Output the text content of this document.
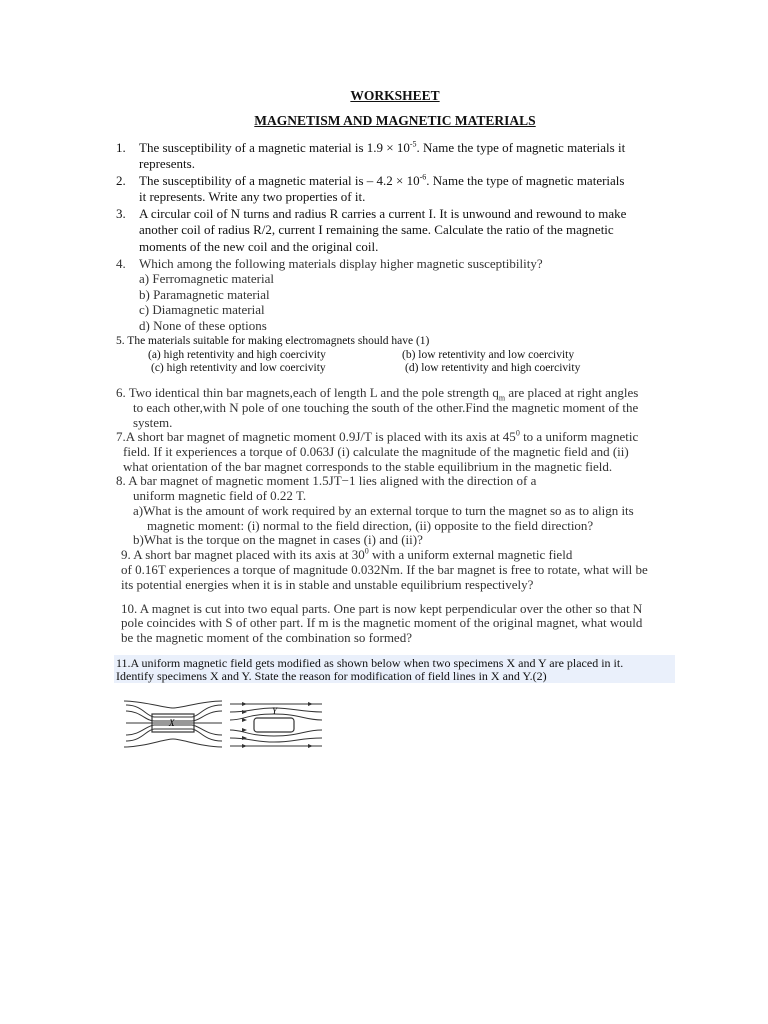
WORKSHEET
MAGNETISM AND MAGNETIC MATERIALS
1. The susceptibility of a magnetic material is $1.9 \times 10^{-5}$. Name the type of magnetic materials it
represents.
2. The susceptibility of a magnetic material is – $4.2 \times 10^{-6}$. Name the type of magnetic materials
it represents. Write any two properties of it.
3. A circular coil of N turns and radius R carries a current I. It is unwound and rewound to make
another coil of radius R/2, current I remaining the same. Calculate the ratio of the magnetic
moments of the new coil and the original coil.
4. Which among the following materials display higher magnetic susceptibility?
a) Ferromagnetic material
b) Paramagnetic material
c) Diamagnetic material
d) None of these options
5. The materials suitable for making electromagnets should have (1)
(a) high retentivity and high coercivity	(b) low retentivity and low coercivity
(c) high retentivity and low coercivity	(d) low retentivity and high coercivity
6. Two identical thin bar magnets,each of length L and the pole strength $q_m$ are placed at right angles
to each other,with N pole of one touching the south of the other.Find the magnetic moment of the
system.
7.A short bar magnet of magnetic moment 0.9J/T is placed with its axis at $45^0$ to a uniform magnetic
field. If it experiences a torque of 0.063J (i) calculate the magnitude of the magnetic field and (ii)
what orientation of the bar magnet corresponds to the stable equilibrium in the magnetic field.
8. A bar magnet of magnetic moment 1.5JT−1 lies aligned with the direction of a
uniform magnetic field of 0.22 T.
a)What is the amount of work required by an external torque to turn the magnet so as to align its
magnetic moment: (i) normal to the field direction, (ii) opposite to the field direction?
b)What is the torque on the magnet in cases (i) and (ii)?
9. A short bar magnet placed with its axis at $30^0$ with a uniform external magnetic field
of 0.16T experiences a torque of magnitude 0.032Nm. If the bar magnet is free to rotate, what will be
its potential energies when it is in stable and unstable equilibrium respectively?
10. A magnet is cut into two equal parts. One part is now kept perpendicular over the other so that N
pole coincides with S of other part. If m is the magnetic moment of the original magnet, what would
be the magnetic moment of the combination so formed?
11.A uniform magnetic field gets modified as shown below when two specimens X and Y are placed in it.
Identify specimens X and Y. State the reason for modification of field lines in X and Y.(2)
X
Y
